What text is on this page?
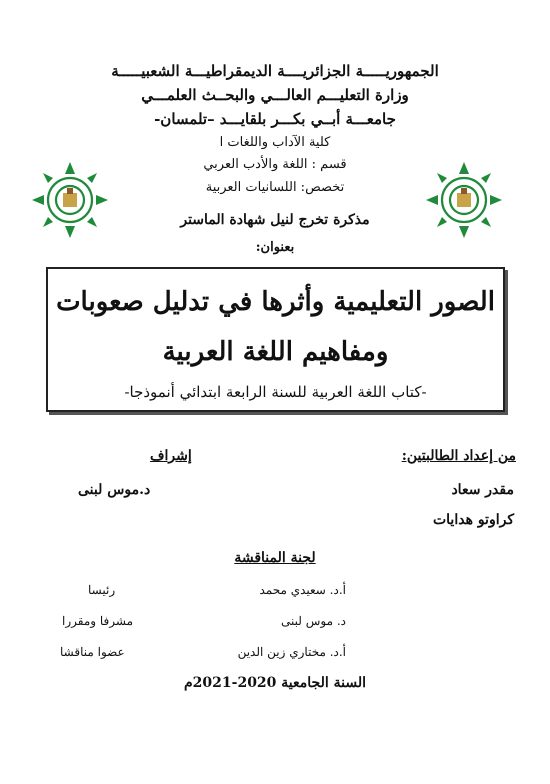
الجمهوريـــــة الجزائريــــة الديمقراطيـــة الشعبيـــــة
وزارة التعليـــم العالـــي والبحــث العلمـــي
جامعـــة أبــي بكـــر بلقايـــد –تلمسان-
كلية الآداب واللغات ا
قسم : اللغة والأدب العربي
تخصص: اللسانيات العربية
مذكرة تخرج لنيل شهادة الماستر
بعنوان:
الصور التعليمية وأثرها في تدليل صعوبات
ومفاهيم اللغة العربية
-كتاب اللغة العربية للسنة الرابعة ابتدائي أنموذجا-
من إعداد الطالبتين:
إشراف
مقدر سعاد
د.موس لبنى
كراوتو هدايات
لجنة المناقشة
أ.د. سعيدي محمد
رئيسا
د. موس لبنى
مشرفا ومقررا
أ.د. مختاري زين الدين
عضوا مناقشا
السنة الجامعية 2020-2021م
